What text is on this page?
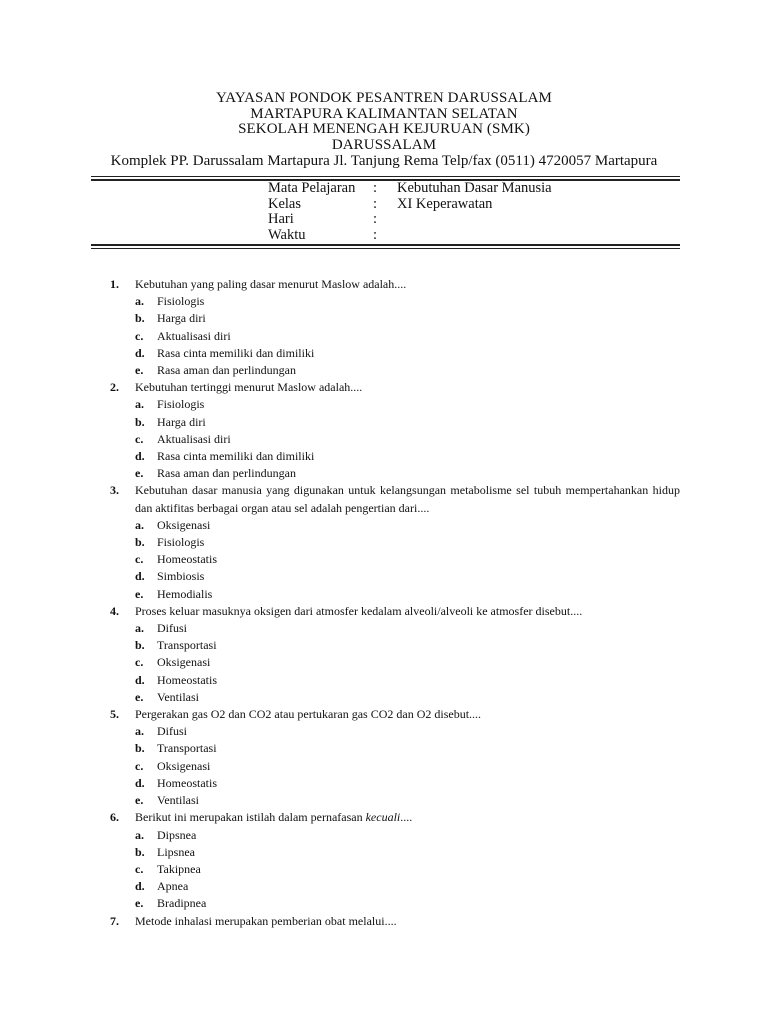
YAYASAN PONDOK PESANTREN DARUSSALAM
MARTAPURA KALIMANTAN SELATAN
SEKOLAH MENENGAH KEJURUAN (SMK)
DARUSSALAM
Komplek PP. Darussalam Martapura Jl. Tanjung Rema Telp/fax (0511) 4720057 Martapura
Mata Pelajaran	:	Kebutuhan Dasar Manusia
Kelas	:	XI Keperawatan
Hari	:
Waktu	:
1.	Kebutuhan yang paling dasar menurut Maslow adalah....
a.	Fisiologis
b.	Harga diri
c.	Aktualisasi diri
d.	Rasa cinta memiliki dan dimiliki
e.	Rasa aman dan perlindungan
2.	Kebutuhan tertinggi menurut Maslow adalah....
a.	Fisiologis
b.	Harga diri
c.	Aktualisasi diri
d.	Rasa cinta memiliki dan dimiliki
e.	Rasa aman dan perlindungan
3.	Kebutuhan dasar manusia yang digunakan untuk kelangsungan metabolisme sel tubuh mempertahankan hidup dan aktifitas berbagai organ atau sel adalah pengertian dari....
a.	Oksigenasi
b.	Fisiologis
c.	Homeostatis
d.	Simbiosis
e.	Hemodialis
4.	Proses keluar masuknya oksigen dari atmosfer kedalam alveoli/alveoli ke atmosfer disebut....
a.	Difusi
b.	Transportasi
c.	Oksigenasi
d.	Homeostatis
e.	Ventilasi
5.	Pergerakan gas O2 dan CO2 atau pertukaran gas CO2 dan O2 disebut....
a.	Difusi
b.	Transportasi
c.	Oksigenasi
d.	Homeostatis
e.	Ventilasi
6.	Berikut ini merupakan istilah dalam pernafasan kecuali....
a.	Dipsnea
b.	Lipsnea
c.	Takipnea
d.	Apnea
e.	Bradipnea
7.	Metode inhalasi merupakan pemberian obat melalui....
